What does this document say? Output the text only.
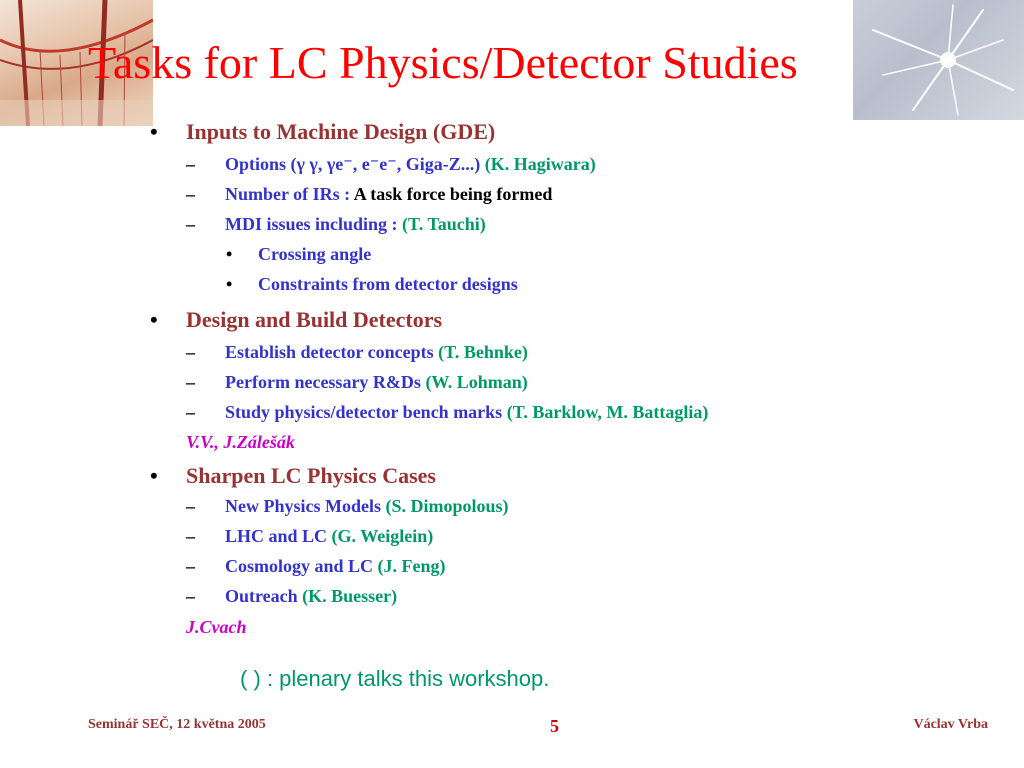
Tasks for LC Physics/Detector Studies
• Inputs to Machine Design (GDE)
– Options (γ γ, γe⁻, e⁻e⁻, Giga-Z...) (K. Hagiwara)
– Number of IRs : A task force being formed
– MDI issues including : (T. Tauchi)
• Crossing angle
• Constraints from detector designs
• Design and Build Detectors
– Establish detector concepts (T. Behnke)
– Perform necessary R&Ds (W. Lohman)
– Study physics/detector bench marks (T. Barklow, M. Battaglia)
V.V., J.Zálešák
• Sharpen LC Physics Cases
– New Physics Models (S. Dimopolous)
– LHC and LC (G. Weiglein)
– Cosmology and LC (J. Feng)
– Outreach (K. Buesser)
J.Cvach
( ) : plenary talks this workshop.
Seminář SEČ, 12 května 2005	5	Václav Vrba
